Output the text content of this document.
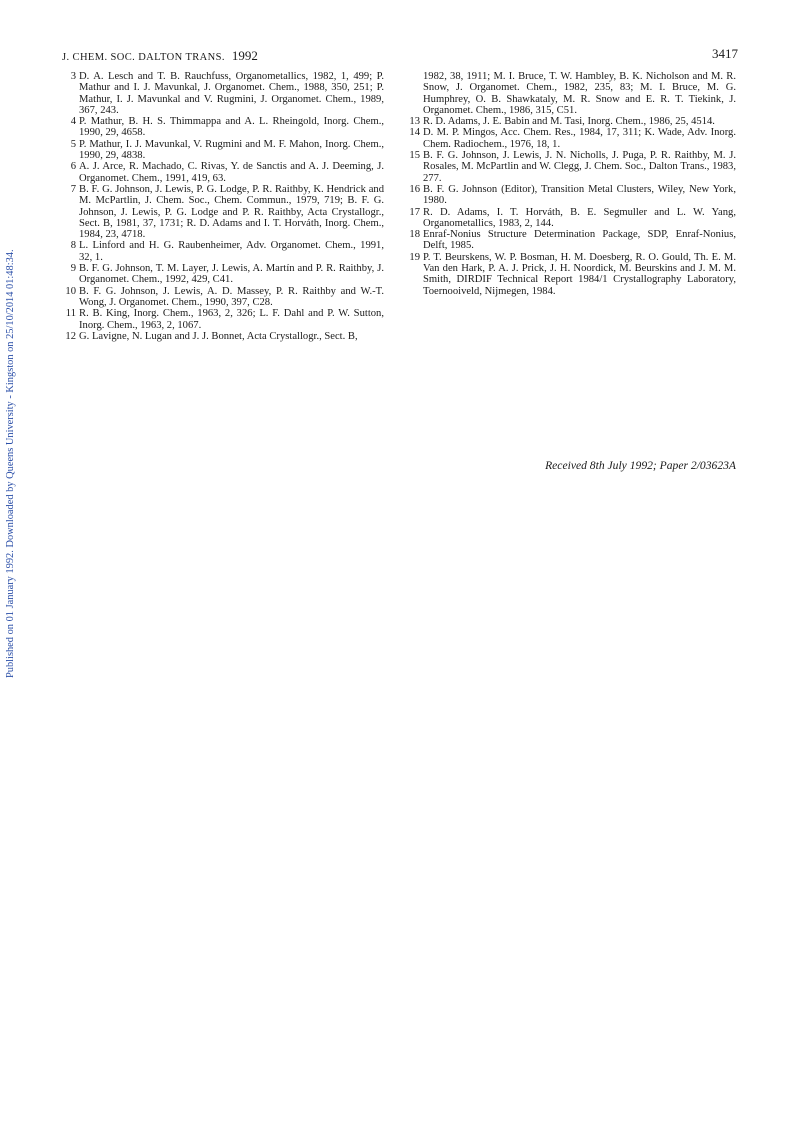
J. CHEM. SOC. DALTON TRANS. 1992	3417
Published on 01 January 1992. Downloaded by Queens University - Kingston on 25/10/2014 01:48:34.
3 D. A. Lesch and T. B. Rauchfuss, Organometallics, 1982, 1, 499; P. Mathur and I. J. Mavunkal, J. Organomet. Chem., 1988, 350, 251; P. Mathur, I. J. Mavunkal and V. Rugmini, J. Organomet. Chem., 1989, 367, 243.
4 P. Mathur, B. H. S. Thimmappa and A. L. Rheingold, Inorg. Chem., 1990, 29, 4658.
5 P. Mathur, I. J. Mavunkal, V. Rugmini and M. F. Mahon, Inorg. Chem., 1990, 29, 4838.
6 A. J. Arce, R. Machado, C. Rivas, Y. de Sanctis and A. J. Deeming, J. Organomet. Chem., 1991, 419, 63.
7 B. F. G. Johnson, J. Lewis, P. G. Lodge, P. R. Raithby, K. Hendrick and M. McPartlin, J. Chem. Soc., Chem. Commun., 1979, 719; B. F. G. Johnson, J. Lewis, P. G. Lodge and P. R. Raithby, Acta Crystallogr., Sect. B, 1981, 37, 1731; R. D. Adams and I. T. Horváth, Inorg. Chem., 1984, 23, 4718.
8 L. Linford and H. G. Raubenheimer, Adv. Organomet. Chem., 1991, 32, 1.
9 B. F. G. Johnson, T. M. Layer, J. Lewis, A. Martín and P. R. Raithby, J. Organomet. Chem., 1992, 429, C41.
10 B. F. G. Johnson, J. Lewis, A. D. Massey, P. R. Raithby and W.-T. Wong, J. Organomet. Chem., 1990, 397, C28.
11 R. B. King, Inorg. Chem., 1963, 2, 326; L. F. Dahl and P. W. Sutton, Inorg. Chem., 1963, 2, 1067.
12 G. Lavigne, N. Lugan and J. J. Bonnet, Acta Crystallogr., Sect. B,
1982, 38, 1911; M. I. Bruce, T. W. Hambley, B. K. Nicholson and M. R. Snow, J. Organomet. Chem., 1982, 235, 83; M. I. Bruce, M. G. Humphrey, O. B. Shawkataly, M. R. Snow and E. R. T. Tiekink, J. Organomet. Chem., 1986, 315, C51.
13 R. D. Adams, J. E. Babin and M. Tasi, Inorg. Chem., 1986, 25, 4514.
14 D. M. P. Mingos, Acc. Chem. Res., 1984, 17, 311; K. Wade, Adv. Inorg. Chem. Radiochem., 1976, 18, 1.
15 B. F. G. Johnson, J. Lewis, J. N. Nicholls, J. Puga, P. R. Raithby, M. J. Rosales, M. McPartlin and W. Clegg, J. Chem. Soc., Dalton Trans., 1983, 277.
16 B. F. G. Johnson (Editor), Transition Metal Clusters, Wiley, New York, 1980.
17 R. D. Adams, I. T. Horváth, B. E. Segmuller and L. W. Yang, Organometallics, 1983, 2, 144.
18 Enraf-Nonius Structure Determination Package, SDP, Enraf-Nonius, Delft, 1985.
19 P. T. Beurskens, W. P. Bosman, H. M. Doesberg, R. O. Gould, Th. E. M. Van den Hark, P. A. J. Prick, J. H. Noordick, M. Beurskins and J. M. M. Smith, DIRDIF Technical Report 1984/1 Crystallography Laboratory, Toernooiveld, Nijmegen, 1984.
Received 8th July 1992; Paper 2/03623A
